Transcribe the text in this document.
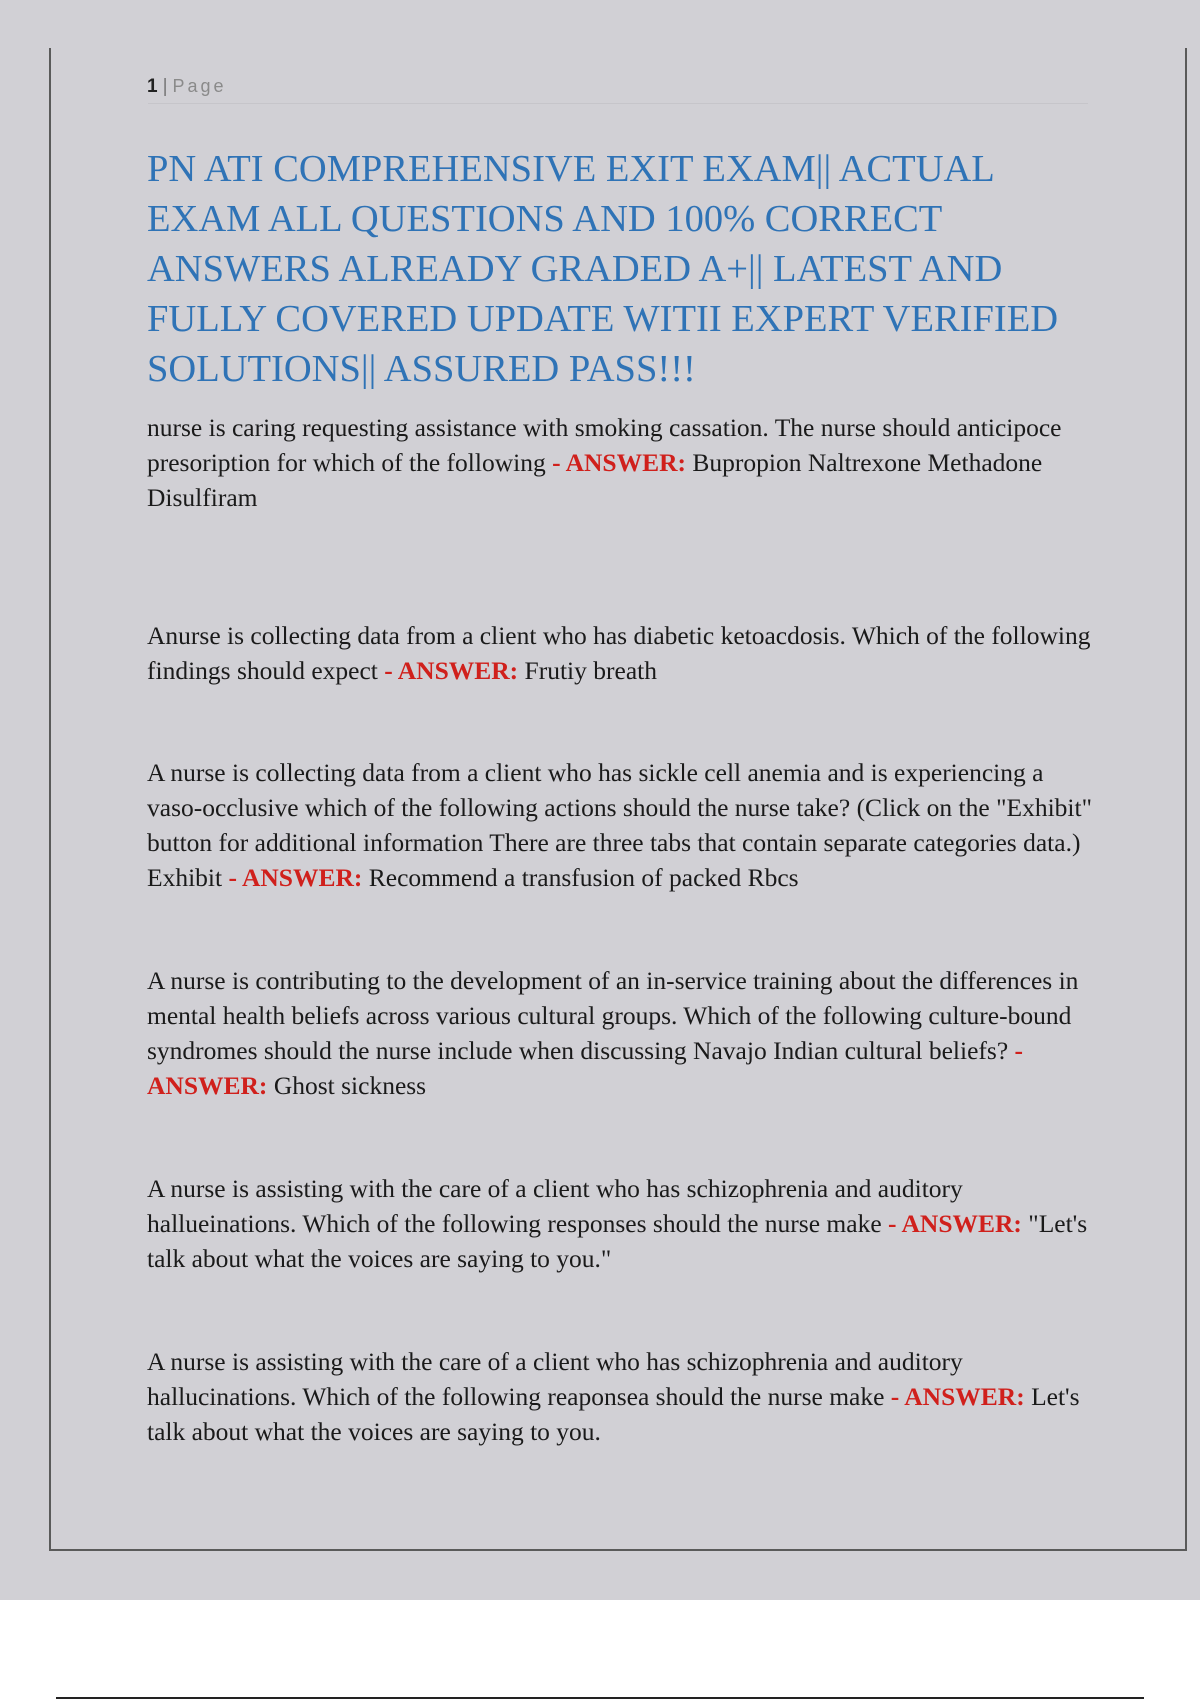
1 | Page
PN ATI COMPREHENSIVE EXIT EXAM|| ACTUAL EXAM ALL QUESTIONS AND 100% CORRECT ANSWERS ALREADY GRADED A+|| LATEST AND FULLY COVERED UPDATE WITII EXPERT VERIFIED SOLUTIONS|| ASSURED PASS!!!

nurse is caring requesting assistance with smoking cassation. The nurse should anticipoce presoription for which of the following - ANSWER: Bupropion Naltrexone Methadone Disulfiram

Anurse is collecting data from a client who has diabetic ketoacdosis. Which of the following findings should expect - ANSWER: Frutiy breath

A nurse is collecting data from a client who has sickle cell anemia and is experiencing a vaso-occlusive which of the following actions should the nurse take? (Click on the "Exhibit" button for additional information There are three tabs that contain separate categories data.) Exhibit - ANSWER: Recommend a transfusion of packed Rbcs

A nurse is contributing to the development of an in-service training about the differences in mental health beliefs across various cultural groups. Which of the following culture-bound syndromes should the nurse include when discussing Navajo Indian cultural beliefs? - ANSWER: Ghost sickness

A nurse is assisting with the care of a client who has schizophrenia and auditory hallueinations. Which of the following responses should the nurse make - ANSWER: "Let's talk about what the voices are saying to you."

A nurse is assisting with the care of a client who has schizophrenia and auditory hallucinations. Which of the following reaponsea should the nurse make - ANSWER: Let's talk about what the voices are saying to you.
